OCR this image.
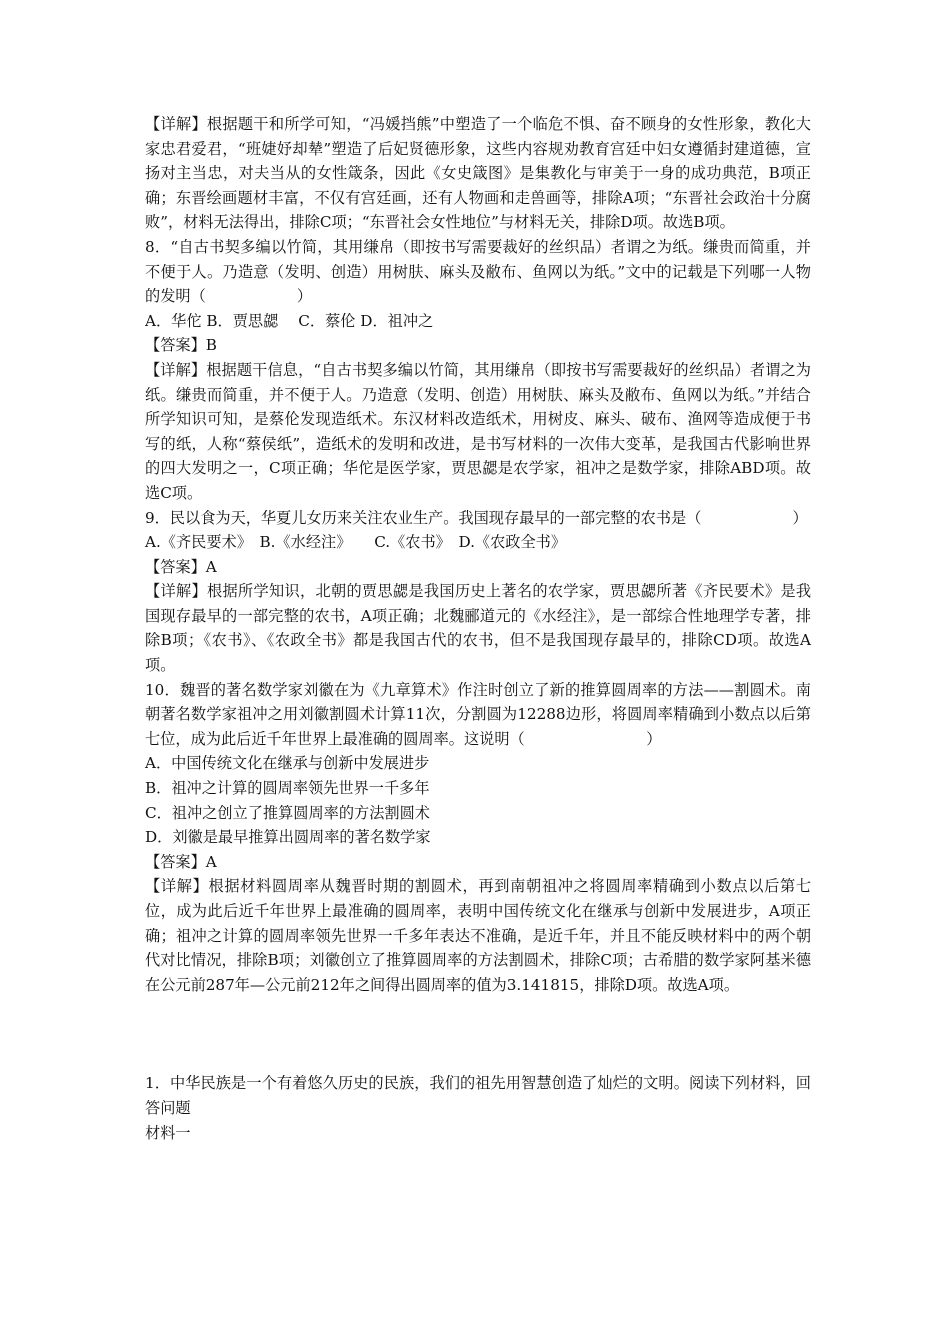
【详解】根据题干和所学可知，“冯媛挡熊”中塑造了一个临危不惧、奋不顾身的女性形象，教化大家忠君爱君，“班婕妤却辇”塑造了后妃贤德形象，这些内容规劝教育宫廷中妇女遵循封建道德，宣扬对主当忠，对夫当从的女性箴条，因此《女史箴图》是集教化与审美于一身的成功典范，B项正确；东晋绘画题材丰富，不仅有宫廷画，还有人物画和走兽画等，排除A项；“东晋社会政治十分腐败”，材料无法得出，排除C项；“东晋社会女性地位”与材料无关，排除D项。故选B项。

8．“自古书契多编以竹简，其用缣帛（即按书写需要裁好的丝织品）者谓之为纸。缣贵而简重，并不便于人。乃造意（发明、创造）用树肤、麻头及敝布、鱼网以为纸。”文中的记载是下列哪一人物的发明（　　　　　　）

A．华佗 B．贾思勰　 C．蔡伦 D．祖冲之

【答案】B

【详解】根据题干信息，“自古书契多编以竹简，其用缣帛（即按书写需要裁好的丝织品）者谓之为纸。缣贵而简重，并不便于人。乃造意（发明、创造）用树肤、麻头及敝布、鱼网以为纸。”并结合所学知识可知，是蔡伦发现造纸术。东汉材料改造纸术，用树皮、麻头、破布、渔网等造成便于书写的纸，人称“蔡侯纸”，造纸术的发明和改进，是书写材料的一次伟大变革，是我国古代影响世界的四大发明之一，C项正确；华佗是医学家，贾思勰是农学家，祖冲之是数学家，排除ABD项。故选C项。

9．民以食为天，华夏儿女历来关注农业生产。我国现存最早的一部完整的农书是（　　　　　　）

A.《齐民要术》　B.《水经注》　　C.《农书》　D.《农政全书》

【答案】A

【详解】根据所学知识，北朝的贾思勰是我国历史上著名的农学家，贾思勰所著《齐民要术》是我国现存最早的一部完整的农书，A项正确；北魏郦道元的《水经注》，是一部综合性地理学专著，排除B项；《农书》、《农政全书》都是我国古代的农书，但不是我国现存最早的，排除CD项。故选A项。

10．魏晋的著名数学家刘徽在为《九章算术》作注时创立了新的推算圆周率的方法——割圆术。南朝著名数学家祖冲之用刘徽割圆术计算11次，分割圆为12288边形，将圆周率精确到小数点以后第七位，成为此后近千年世界上最准确的圆周率。这说明（　　　　　　　　）

A．中国传统文化在继承与创新中发展进步

B．祖冲之计算的圆周率领先世界一千多年

C．祖冲之创立了推算圆周率的方法割圆术

D．刘徽是最早推算出圆周率的著名数学家

【答案】A

【详解】根据材料圆周率从魏晋时期的割圆术，再到南朝祖冲之将圆周率精确到小数点以后第七位，成为此后近千年世界上最准确的圆周率，表明中国传统文化在继承与创新中发展进步，A项正确；祖冲之计算的圆周率领先世界一千多年表达不准确，是近千年，并且不能反映材料中的两个朝代对比情况，排除B项；刘徽创立了推算圆周率的方法割圆术，排除C项；古希腊的数学家阿基米德在公元前287年—公元前212年之间得出圆周率的值为3.141815，排除D项。故选A项。

1．中华民族是一个有着悠久历史的民族，我们的祖先用智慧创造了灿烂的文明。阅读下列材料，回答问题

材料一
